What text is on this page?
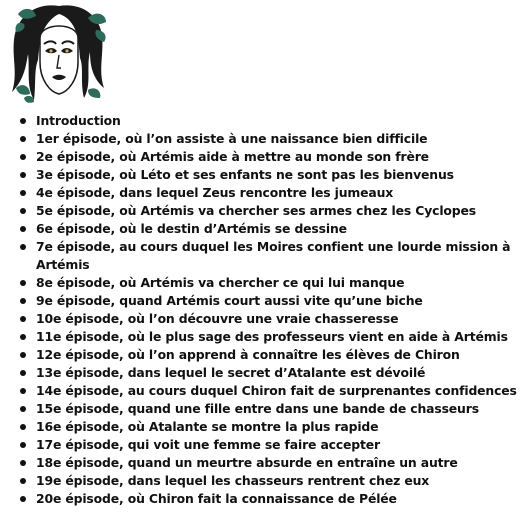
Introduction
1er épisode, où l’on assiste à une naissance bien difficile
2e épisode, où Artémis aide à mettre au monde son frère
3e épisode, où Léto et ses enfants ne sont pas les bienvenus
4e épisode, dans lequel Zeus rencontre les jumeaux
5e épisode, où Artémis va chercher ses armes chez les Cyclopes
6e épisode, où le destin d’Artémis se dessine
7e épisode, au cours duquel les Moires confient une lourde mission à Artémis
8e épisode, où Artémis va chercher ce qui lui manque
9e épisode, quand Artémis court aussi vite qu’une biche
10e épisode, où l’on découvre une vraie chasseresse
11e épisode, où le plus sage des professeurs vient en aide à Artémis
12e épisode, où l’on apprend à connaître les élèves de Chiron
13e épisode, dans lequel le secret d’Atalante est dévoilé
14e épisode, au cours duquel Chiron fait de surprenantes confidences
15e épisode, quand une fille entre dans une bande de chasseurs
16e épisode, où Atalante se montre la plus rapide
17e épisode, qui voit une femme se faire accepter
18e épisode, quand un meurtre absurde en entraîne un autre
19e épisode, dans lequel les chasseurs rentrent chez eux
20e épisode, où Chiron fait la connaissance de Pélée
